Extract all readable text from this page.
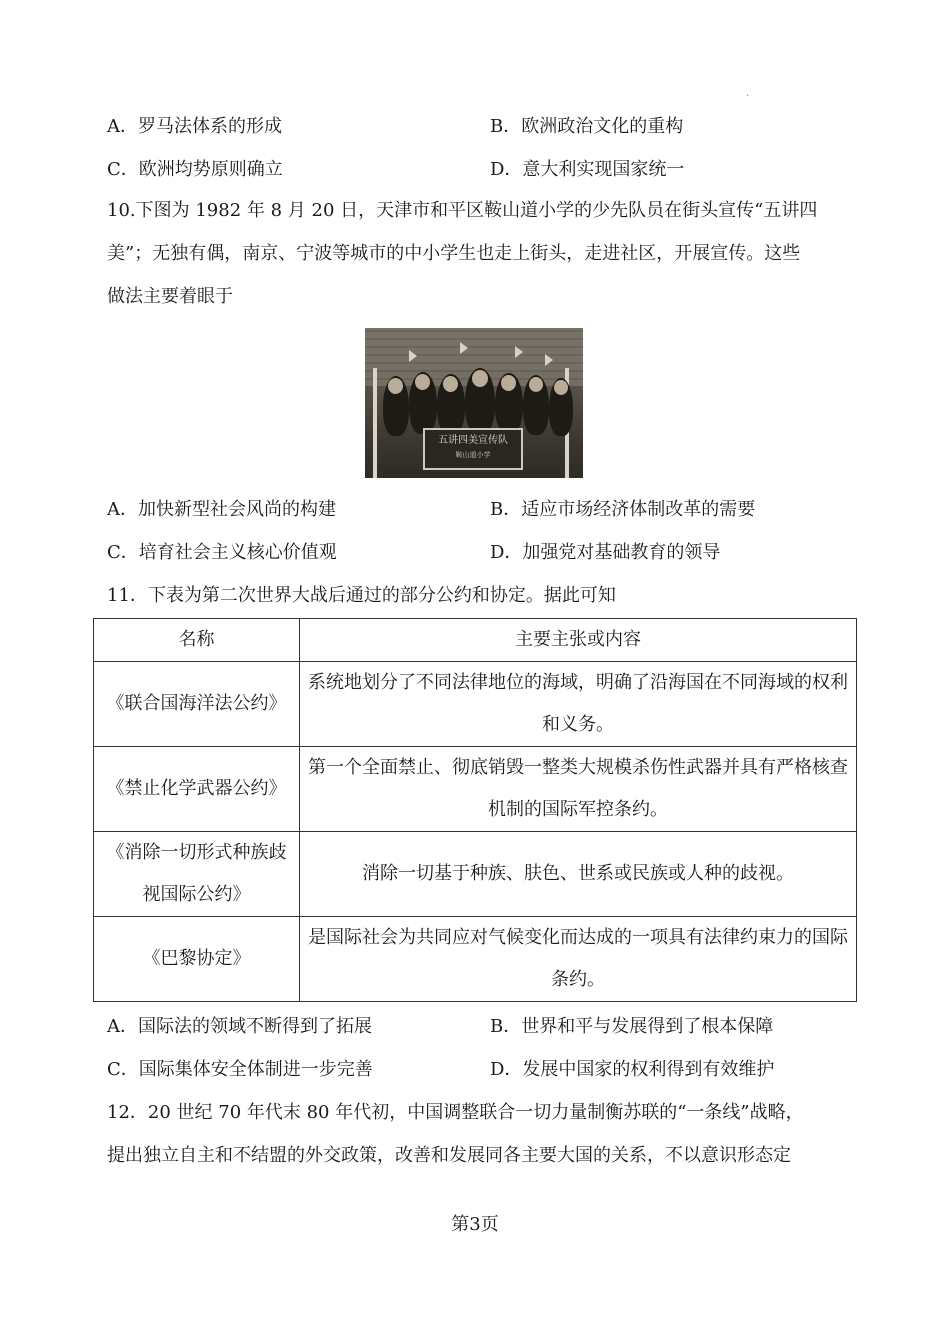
.
A．罗马法体系的形成	B．欧洲政治文化的重构
C．欧洲均势原则确立	D．意大利实现国家统一
10.下图为 1982 年 8 月 20 日，天津市和平区鞍山道小学的少先队员在街头宣传“五讲四
美”；无独有偶，南京、宁波等城市的中小学生也走上街头，走进社区，开展宣传。这些
做法主要着眼于
五讲四美宣传队
鞍山道小学
A．加快新型社会风尚的构建	B．适应市场经济体制改革的需要
C．培育社会主义核心价值观	D．加强党对基础教育的领导
11．下表为第二次世界大战后通过的部分公约和协定。据此可知
名称	主要主张或内容
《联合国海洋法公约》	系统地划分了不同法律地位的海域，明确了沿海国在不同海域的权利和义务。
《禁止化学武器公约》	第一个全面禁止、彻底销毁一整类大规模杀伤性武器并具有严格核查机制的国际军控条约。
《消除一切形式种族歧视国际公约》	消除一切基于种族、肤色、世系或民族或人种的歧视。
《巴黎协定》	是国际社会为共同应对气候变化而达成的一项具有法律约束力的国际条约。
A．国际法的领域不断得到了拓展	B．世界和平与发展得到了根本保障
C．国际集体安全体制进一步完善	D．发展中国家的权利得到有效维护
12．20 世纪 70 年代末 80 年代初，中国调整联合一切力量制衡苏联的“一条线”战略，
提出独立自主和不结盟的外交政策，改善和发展同各主要大国的关系，不以意识形态定
第3页
